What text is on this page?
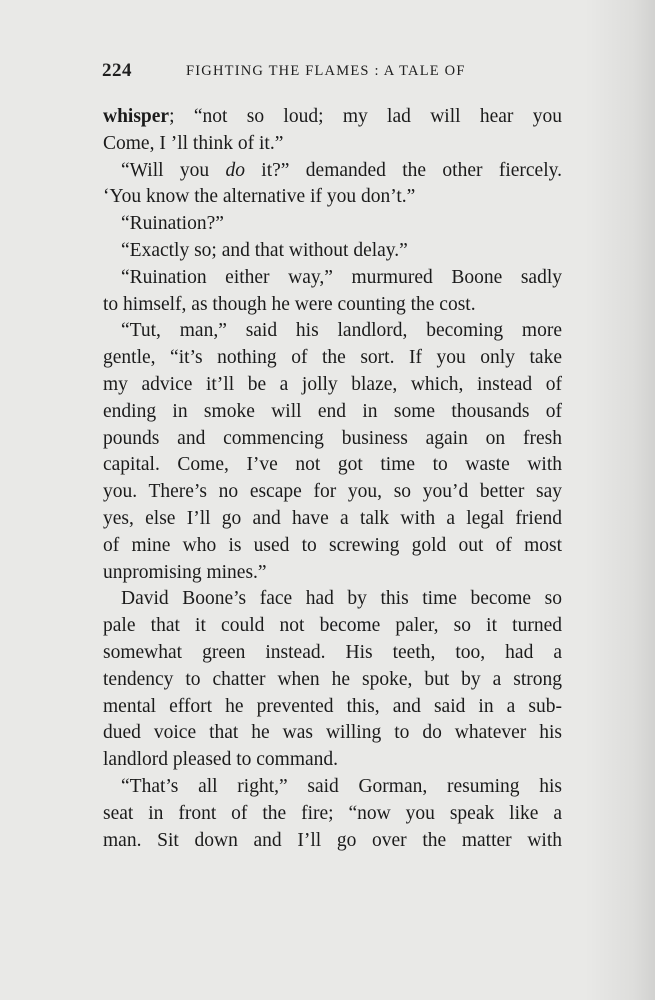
224	FIGHTING THE FLAMES : A TALE OF
whisper; “not so loud; my lad will hear you
Come, I ’ll think of it.”
“Will you do it?” demanded the other fiercely.
‘You know the alternative if you don’t.”
“Ruination?”
“Exactly so; and that without delay.”
“Ruination either way,” murmured Boone sadly
to himself, as though he were counting the cost.
“Tut, man,” said his landlord, becoming more
gentle, “it’s nothing of the sort. If you only take
my advice it’ll be a jolly blaze, which, instead of
ending in smoke will end in some thousands of
pounds and commencing business again on fresh
capital. Come, I’ve not got time to waste with
you. There’s no escape for you, so you’d better say
yes, else I’ll go and have a talk with a legal friend
of mine who is used to screwing gold out of most
unpromising mines.”
David Boone’s face had by this time become so
pale that it could not become paler, so it turned
somewhat green instead. His teeth, too, had a
tendency to chatter when he spoke, but by a strong
mental effort he prevented this, and said in a sub-
dued voice that he was willing to do whatever his
landlord pleased to command.
“That’s all right,” said Gorman, resuming his
seat in front of the fire; “now you speak like a
man. Sit down and I’ll go over the matter with
